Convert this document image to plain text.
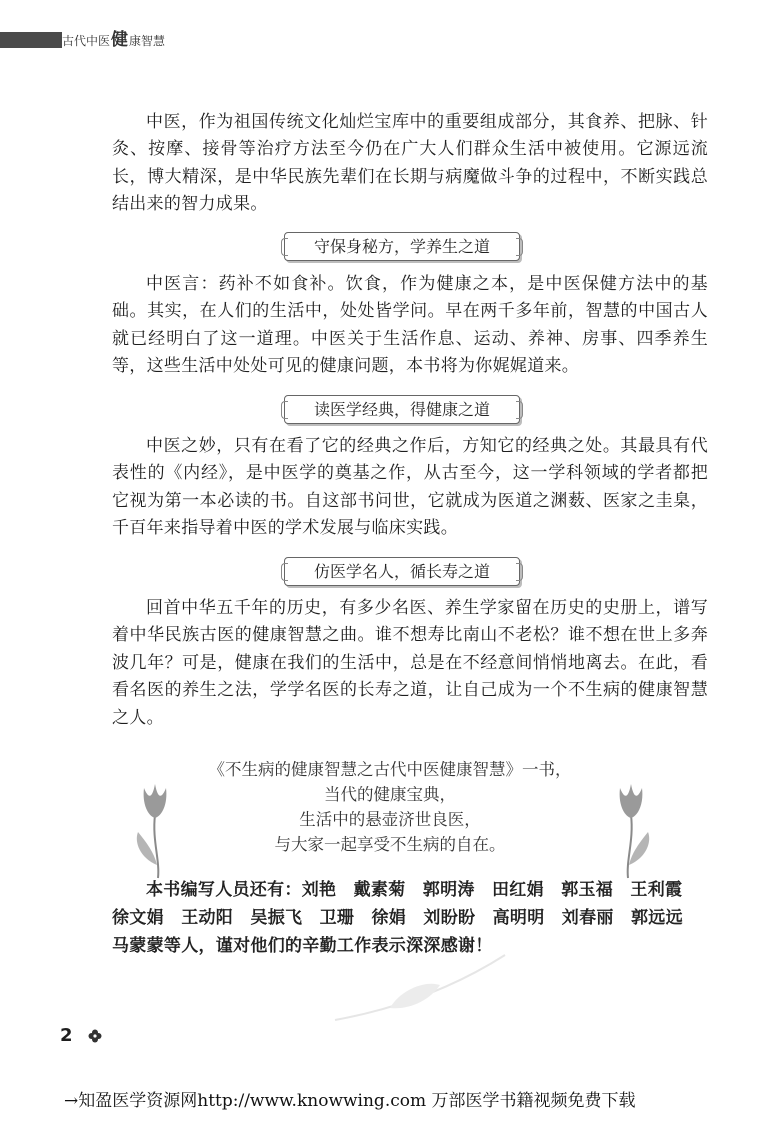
古代中医健康智慧

中医，作为祖国传统文化灿烂宝库中的重要组成部分，其食养、把脉、针灸、按摩、接骨等治疗方法至今仍在广大人们群众生活中被使用。它源远流长，博大精深，是中华民族先辈们在长期与病魔做斗争的过程中，不断实践总结出来的智力成果。

守保身秘方，学养生之道

中医言：药补不如食补。饮食，作为健康之本，是中医保健方法中的基础。其实，在人们的生活中，处处皆学问。早在两千多年前，智慧的中国古人就已经明白了这一道理。中医关于生活作息、运动、养神、房事、四季养生等，这些生活中处处可见的健康问题，本书将为你娓娓道来。

读医学经典，得健康之道

中医之妙，只有在看了它的经典之作后，方知它的经典之处。其最具有代表性的《内经》，是中医学的奠基之作，从古至今，这一学科领域的学者都把它视为第一本必读的书。自这部书问世，它就成为医道之渊薮、医家之圭臬，千百年来指导着中医的学术发展与临床实践。

仿医学名人，循长寿之道

回首中华五千年的历史，有多少名医、养生学家留在历史的史册上，谱写着中华民族古医的健康智慧之曲。谁不想寿比南山不老松？谁不想在世上多奔波几年？可是，健康在我们的生活中，总是在不经意间悄悄地离去。在此，看看名医的养生之法，学学名医的长寿之道，让自己成为一个不生病的健康智慧之人。

《不生病的健康智慧之古代中医健康智慧》一书，
当代的健康宝典，
生活中的悬壶济世良医，
与大家一起享受不生病的自在。

本书编写人员还有：刘艳　戴素菊　郭明涛　田红娟　郭玉福　王利霞　徐文娟　王动阳　吴振飞　卫珊　徐娟　刘盼盼　高明明　刘春丽　郭远远　马蒙蒙等人，谨对他们的辛勤工作表示深深感谢！

2
→知盈医学资源网http://www.knowwing.com 万部医学书籍视频免费下载
